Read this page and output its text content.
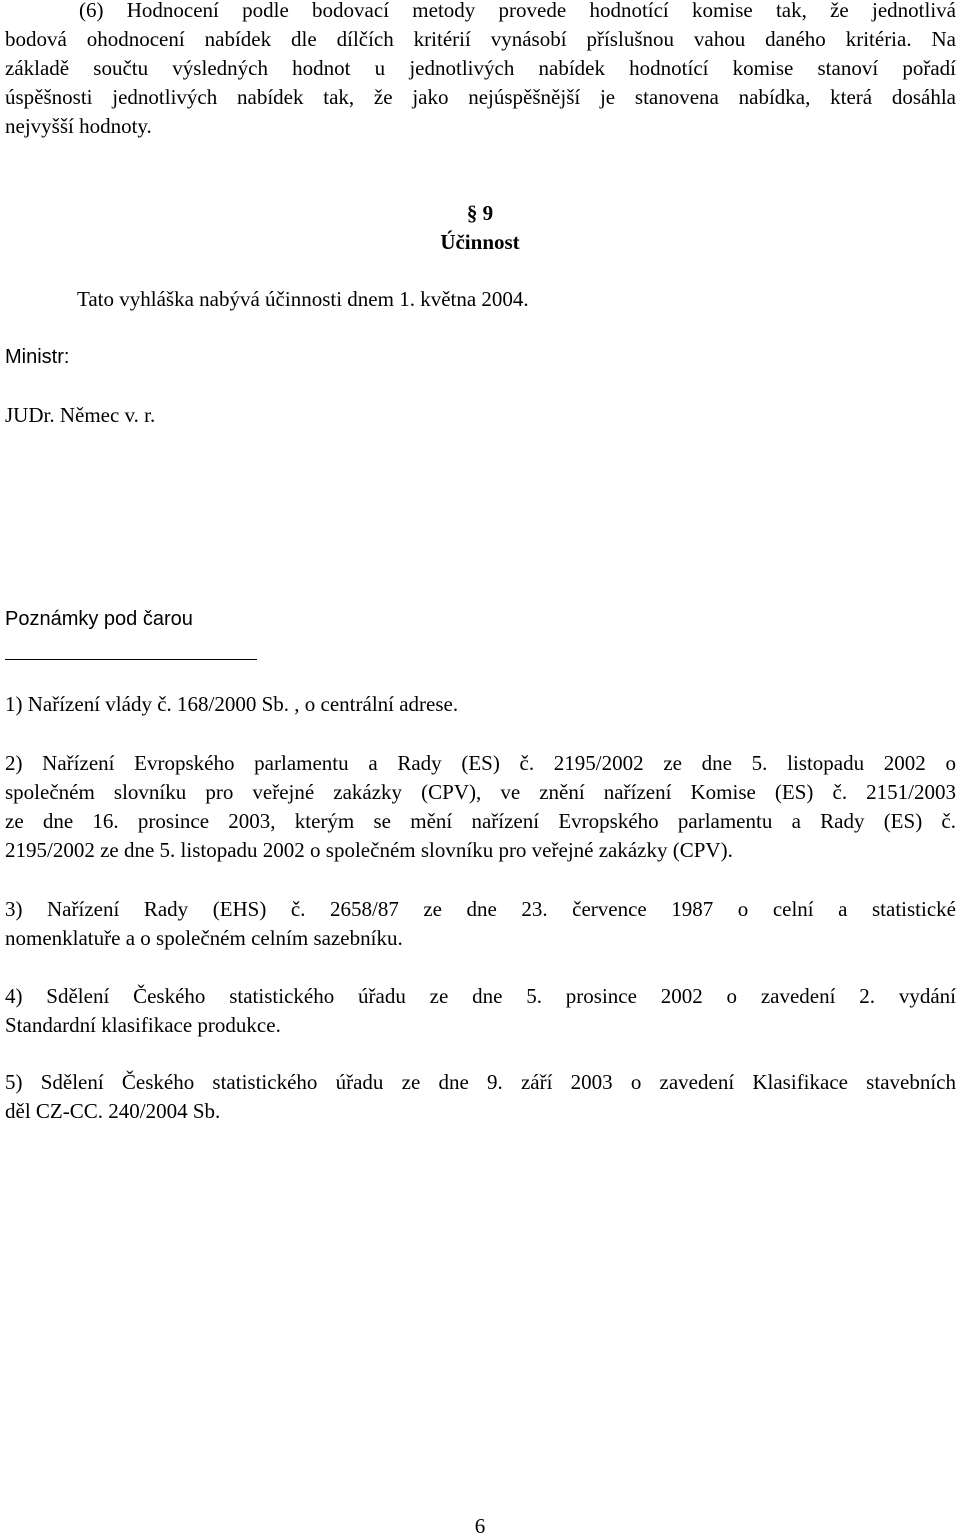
(6) Hodnocení podle bodovací metody provede hodnotící komise tak, že jednotlivá
bodová ohodnocení nabídek dle dílčích kritérií vynásobí příslušnou vahou daného kritéria. Na
základě součtu výsledných hodnot u jednotlivých nabídek hodnotící komise stanoví pořadí
úspěšnosti jednotlivých nabídek tak, že jako nejúspěšnější je stanovena nabídka, která dosáhla
nejvyšší hodnoty.
§ 9
Účinnost
Tato vyhláška nabývá účinnosti dnem 1. května 2004.
Ministr:
JUDr. Němec v. r.
Poznámky pod čarou
1) Nařízení vlády č. 168/2000 Sb. , o centrální adrese.
2) Nařízení Evropského parlamentu a Rady (ES) č. 2195/2002 ze dne 5. listopadu 2002 o
společném slovníku pro veřejné zakázky (CPV), ve znění nařízení Komise (ES) č. 2151/2003
ze dne 16. prosince 2003, kterým se mění nařízení Evropského parlamentu a Rady (ES) č.
2195/2002 ze dne 5. listopadu 2002 o společném slovníku pro veřejné zakázky (CPV).
3) Nařízení Rady (EHS) č. 2658/87 ze dne 23. července 1987 o celní a statistické
nomenklatuře a o společném celním sazebníku.
4) Sdělení Českého statistického úřadu ze dne 5. prosince 2002 o zavedení 2. vydání
Standardní klasifikace produkce.
5) Sdělení Českého statistického úřadu ze dne 9. září 2003 o zavedení Klasifikace stavebních
děl CZ-CC. 240/2004 Sb.
6
